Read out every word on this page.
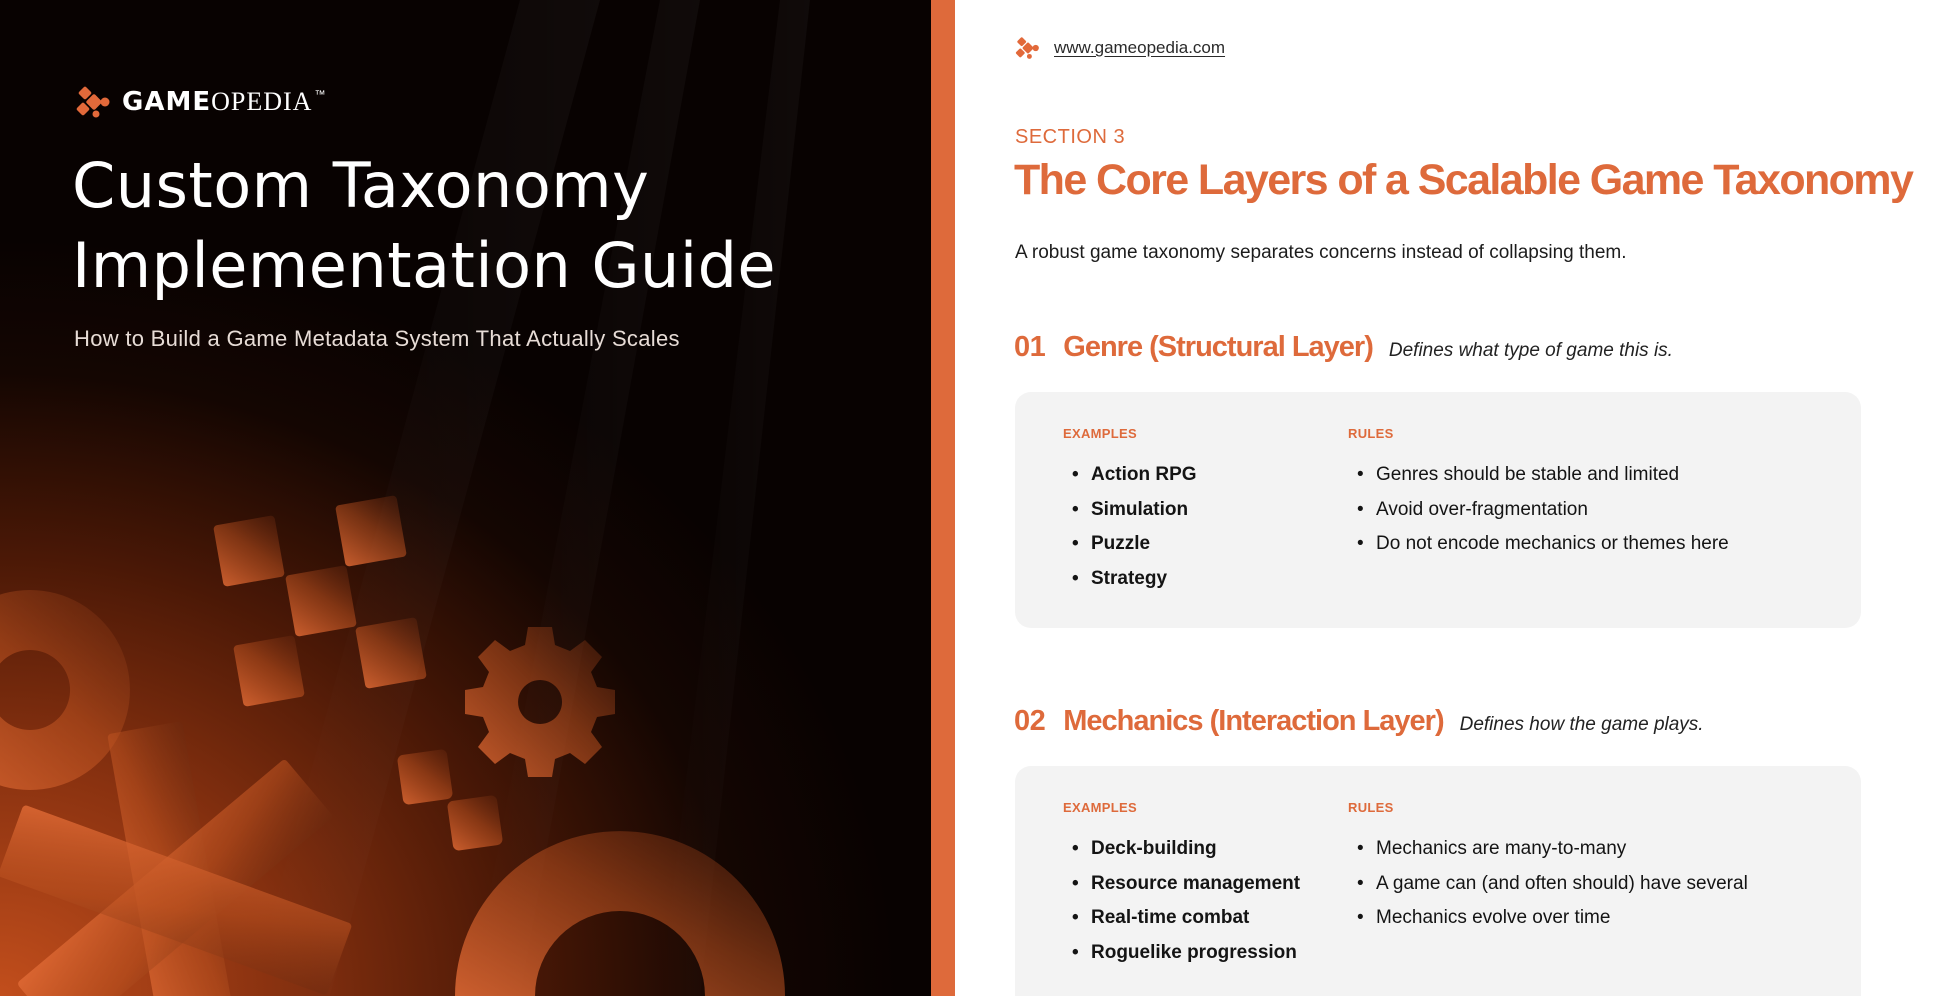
GAME OPEDIA ™
Custom Taxonomy
Implementation Guide

How to Build a Game Metadata System That Actually Scales

www.gameopedia.com
SECTION 3
The Core Layers of a Scalable Game Taxonomy

A robust game taxonomy separates concerns instead of collapsing them.

01 Genre (Structural Layer) Defines what type of game this is.
EXAMPLES
• Action RPG
• Simulation
• Puzzle
• Strategy
RULES
• Genres should be stable and limited
• Avoid over-fragmentation
• Do not encode mechanics or themes here
02 Mechanics (Interaction Layer) Defines how the game plays.
EXAMPLES
• Deck-building
• Resource management
• Real-time combat
• Roguelike progression
RULES
• Mechanics are many-to-many
• A game can (and often should) have several
• Mechanics evolve over time
